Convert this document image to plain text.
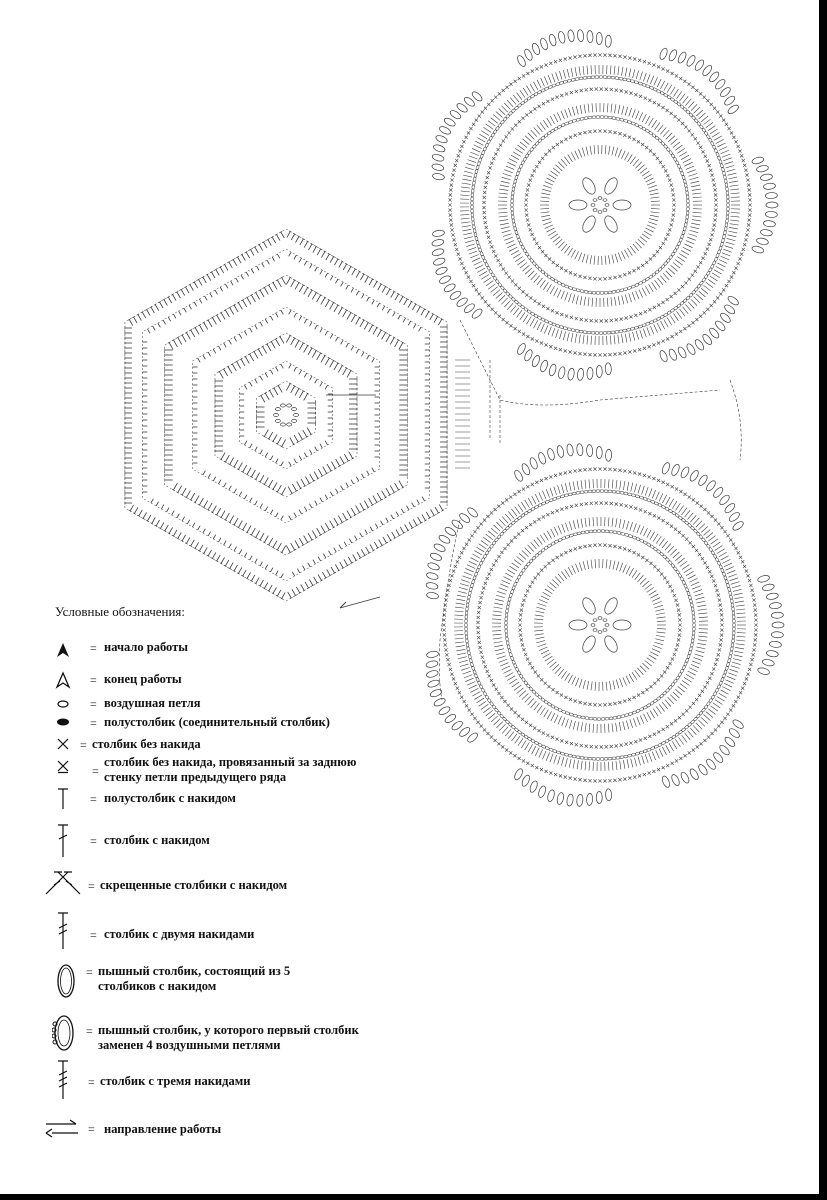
Условные обозначения:
= начало работы
= конец работы
= воздушная петля
= полустолбик (соединительный столбик)
= столбик без накида
=
столбик без накида, провязанный за заднюю
стенку петли предыдущего ряда
= полустолбик с накидом
= столбик с накидом
= скрещенные столбики с накидом
= столбик с двумя накидами
= пышный столбик, состоящий из 5
столбиков с накидом
= пышный столбик, у которого первый столбик
заменен 4 воздушными петлями
= столбик с тремя накидами
= направление работы
